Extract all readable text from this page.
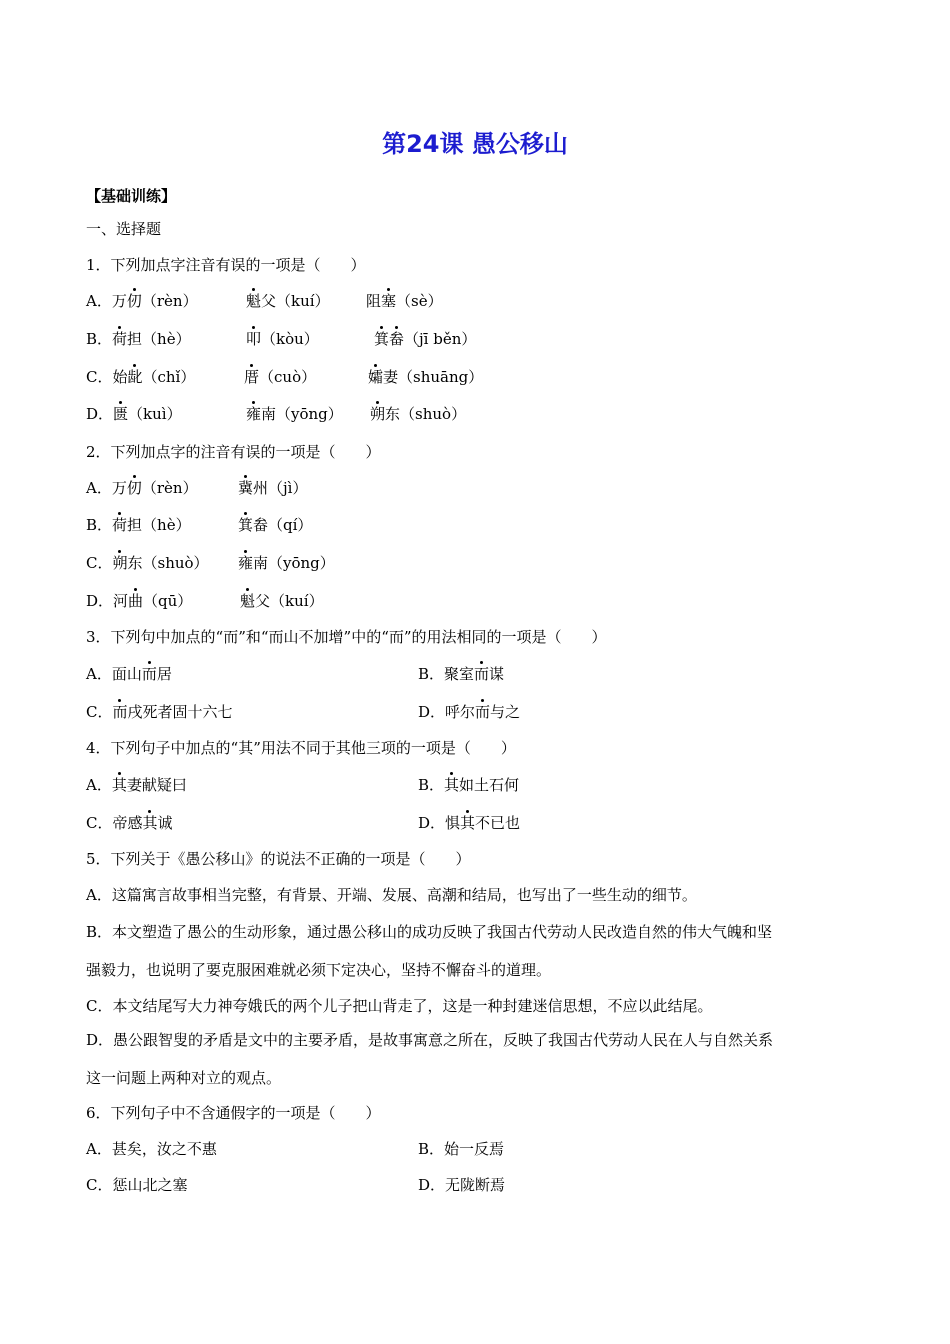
第24课 愚公移山
【基础训练】
一、选择题
1．下列加点字注音有误的一项是（　　）
A．万仞（rèn）	魁父（kuí） 阻塞（sè）
B．荷担（hè）	叩（kòu）	箕畚（jī běn）
C．始龀（chǐ）	厝（cuò）	孀妻（shuāng）
D．匮（kuì）	雍南（yōng） 朔东（shuò）
2．下列加点字的注音有误的一项是（　　）
A．万仞（rèn）	冀州（jì）
B．荷担（hè）	箕畚（qí）
C．朔东（shuò） 雍南（yōng）
D．河曲（qū）	魁父（kuí）
3．下列句中加点的“而”和“而山不加增”中的“而”的用法相同的一项是（　　）
A．面山而居	B．聚室而谋
C．而戌死者固十六七	D．呼尔而与之
4．下列句子中加点的“其”用法不同于其他三项的一项是（　　）
A．其妻献疑曰	B．其如土石何
C．帝感其诚	D．惧其不已也
5．下列关于《愚公移山》的说法不正确的一项是（　　）
A．这篇寓言故事相当完整，有背景、开端、发展、高潮和结局，也写出了一些生动的细节。
B．本文塑造了愚公的生动形象，通过愚公移山的成功反映了我国古代劳动人民改造自然的伟大气魄和坚
强毅力，也说明了要克服困难就必须下定决心，坚持不懈奋斗的道理。
C．本文结尾写大力神夸娥氏的两个儿子把山背走了，这是一种封建迷信思想，不应以此结尾。
D．愚公跟智叟的矛盾是文中的主要矛盾，是故事寓意之所在，反映了我国古代劳动人民在人与自然关系
这一问题上两种对立的观点。
6．下列句子中不含通假字的一项是（　　）
A．甚矣，汝之不惠	B．始一反焉
C．惩山北之塞	D．无陇断焉
